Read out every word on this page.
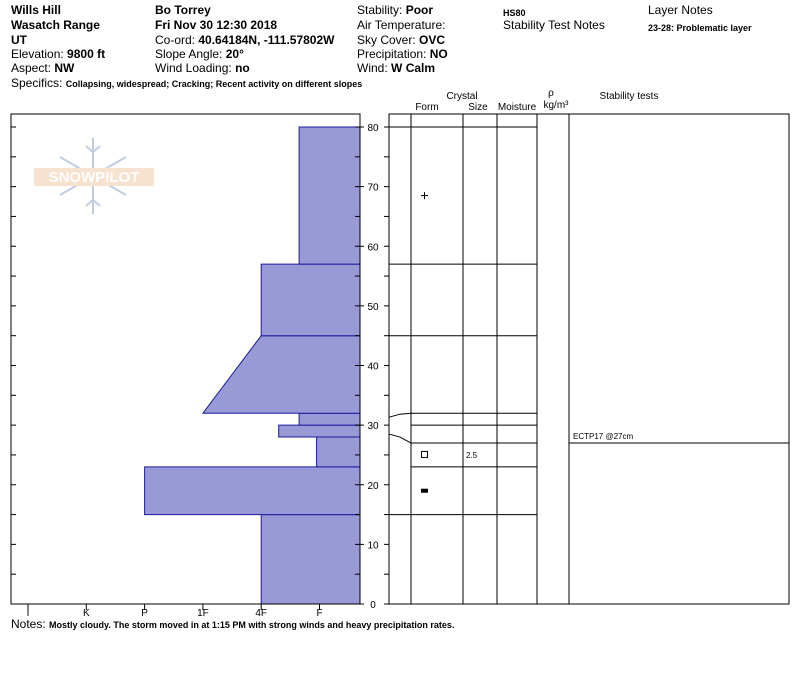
Wills Hill
Wasatch Range
UT
Elevation: 9800 ft
Aspect: NW
Specifics: Collapsing, widespread; Cracking; Recent activity on different slopes
Bo Torrey
Fri Nov 30 12:30 2018
Co-ord: 40.64184N, -111.57802W
Slope Angle: 20°
Wind Loading: no
Stability: Poor
Air Temperature:
Sky Cover: OVC
Precipitation: NO
Wind: W Calm
HS80
Stability Test Notes
Layer Notes
23-28: Problematic layer
Notes: Mostly cloudy. The storm moved in at 1:15 PM with strong winds and heavy precipitation rates.
SNOWPILOT
I	K	P	1F	4F	F
0
10
20
30
40
50
60
70
80
Crystal
Form	Size Moisture
ρ
kg/m³
Stability tests
2.5
ECTP17 @27cm
